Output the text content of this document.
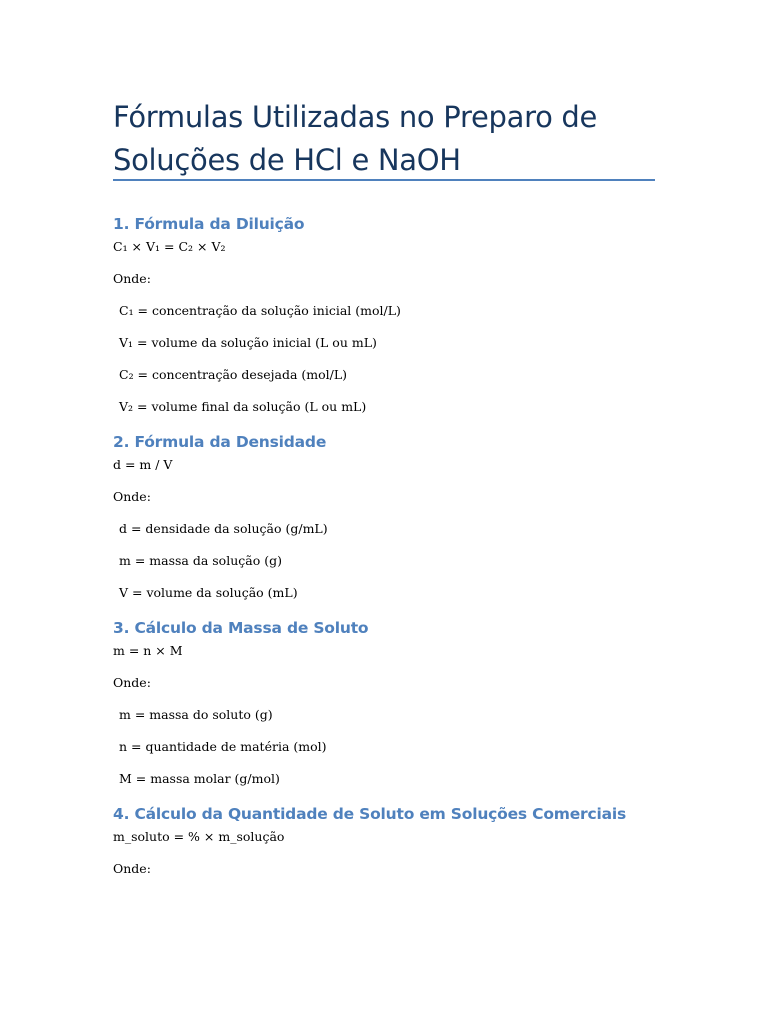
Fórmulas Utilizadas no Preparo de
Soluções de HCl e NaOH
1. Fórmula da Diluição

C₁ × V₁ = C₂ × V₂

Onde:

C₁ = concentração da solução inicial (mol/L)

V₁ = volume da solução inicial (L ou mL)

C₂ = concentração desejada (mol/L)

V₂ = volume final da solução (L ou mL)

2. Fórmula da Densidade

d = m / V

Onde:

d = densidade da solução (g/mL)

m = massa da solução (g)

V = volume da solução (mL)

3. Cálculo da Massa de Soluto

m = n × M

Onde:

m = massa do soluto (g)

n = quantidade de matéria (mol)

M = massa molar (g/mol)

4. Cálculo da Quantidade de Soluto em Soluções Comerciais

m_soluto = % × m_solução

Onde:
